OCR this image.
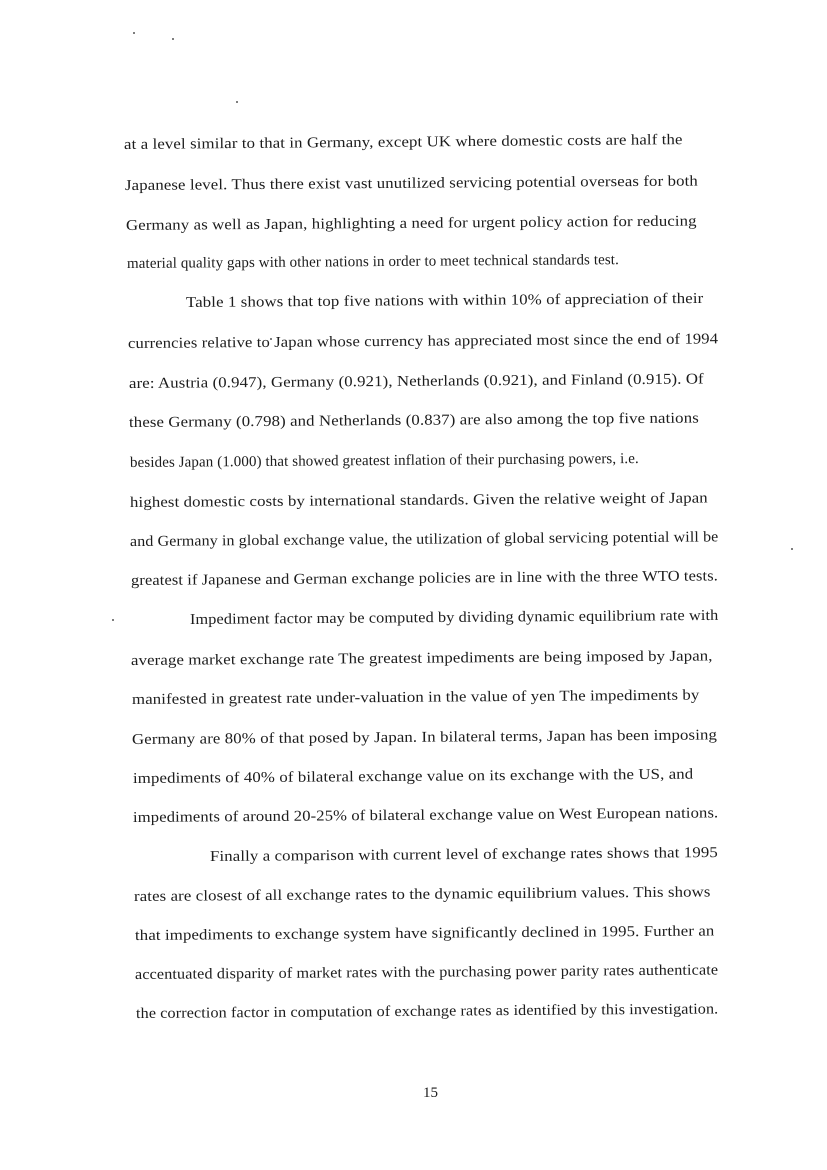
at a level similar to that in Germany, except UK where domestic costs are half the
Japanese level. Thus there exist vast unutilized servicing potential overseas for both
Germany as well as Japan, highlighting a need for urgent policy action for reducing
material quality gaps with other nations in order to meet technical standards test.
Table 1 shows that top five nations with within 10% of appreciation of their
currencies relative to Japan whose currency has appreciated most since the end of 1994
are: Austria (0.947), Germany (0.921), Netherlands (0.921), and Finland (0.915). Of
these Germany (0.798) and Netherlands (0.837) are also among the top five nations
besides Japan (1.000) that showed greatest inflation of their purchasing powers, i.e.
highest domestic costs by international standards. Given the relative weight of Japan
and Germany in global exchange value, the utilization of global servicing potential will be
greatest if Japanese and German exchange policies are in line with the three WTO tests.
Impediment factor may be computed by dividing dynamic equilibrium rate with
average market exchange rate The greatest impediments are being imposed by Japan,
manifested in greatest rate under-valuation in the value of yen The impediments by
Germany are 80% of that posed by Japan. In bilateral terms, Japan has been imposing
impediments of 40% of bilateral exchange value on its exchange with the US, and
impediments of around 20-25% of bilateral exchange value on West European nations.
Finally a comparison with current level of exchange rates shows that 1995
rates are closest of all exchange rates to the dynamic equilibrium values. This shows
that impediments to exchange system have significantly declined in 1995. Further an
accentuated disparity of market rates with the purchasing power parity rates authenticate
the correction factor in computation of exchange rates as identified by this investigation.
15
